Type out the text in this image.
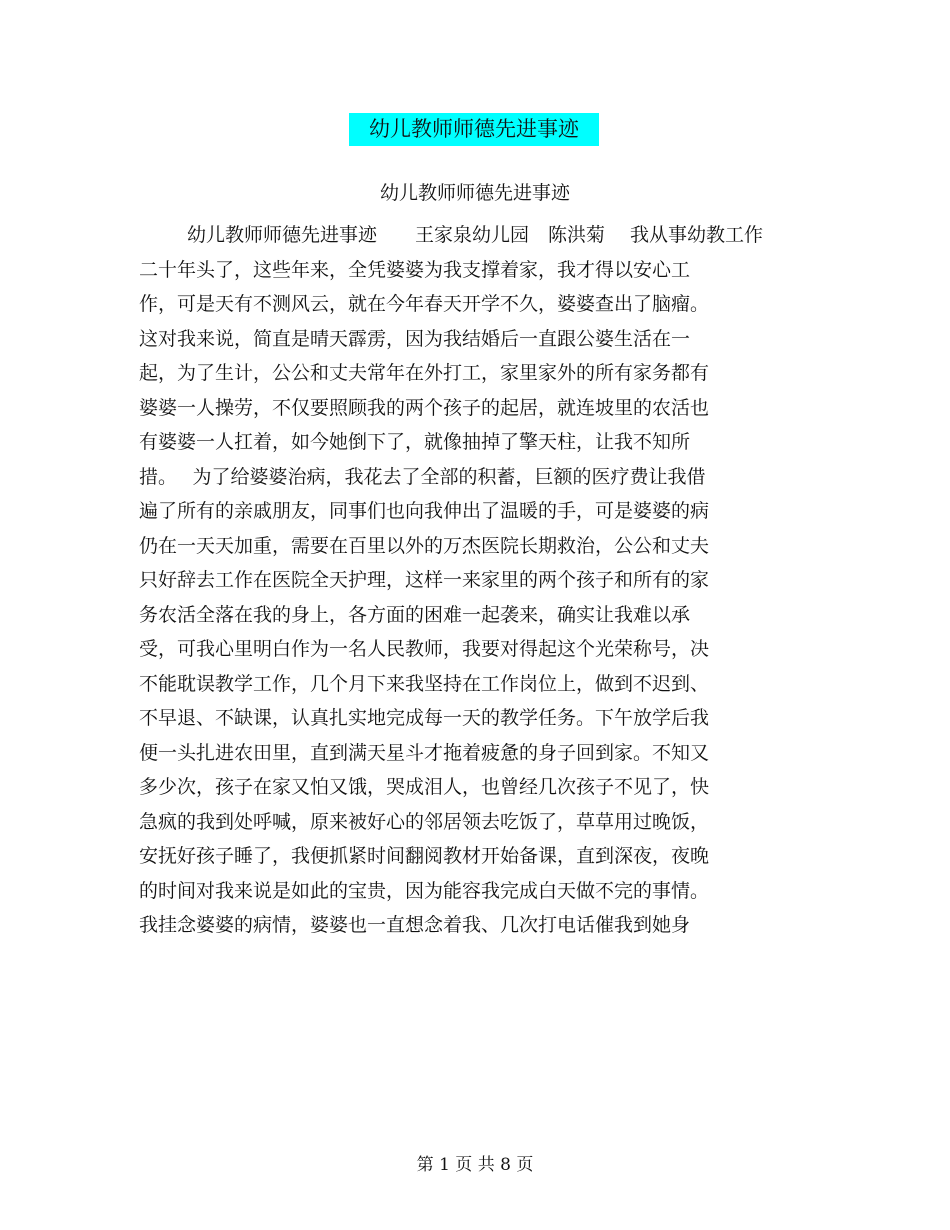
幼儿教师师德先进事迹
幼儿教师师德先进事迹
幼儿教师师德先进事迹　　王家泉幼儿园　陈洪菊　 我从事幼教工作
二十年头了，这些年来，全凭婆婆为我支撑着家，我才得以安心工
作，可是天有不测风云，就在今年春天开学不久，婆婆查出了脑瘤。
这对我来说，简直是晴天霹雳，因为我结婚后一直跟公婆生活在一
起，为了生计，公公和丈夫常年在外打工，家里家外的所有家务都有
婆婆一人操劳，不仅要照顾我的两个孩子的起居，就连坡里的农活也
有婆婆一人扛着，如今她倒下了，就像抽掉了擎天柱，让我不知所
措。　 为了给婆婆治病，我花去了全部的积蓄，巨额的医疗费让我借
遍了所有的亲戚朋友，同事们也向我伸出了温暖的手，可是婆婆的病
仍在一天天加重，需要在百里以外的万杰医院长期救治，公公和丈夫
只好辞去工作在医院全天护理，这样一来家里的两个孩子和所有的家
务农活全落在我的身上，各方面的困难一起袭来，确实让我难以承
受，可我心里明白作为一名人民教师，我要对得起这个光荣称号，决
不能耽误教学工作，几个月下来我坚持在工作岗位上，做到不迟到、
不早退、不缺课，认真扎实地完成每一天的教学任务。下午放学后我
便一头扎进农田里，直到满天星斗才拖着疲惫的身子回到家。不知又
多少次，孩子在家又怕又饿，哭成泪人，也曾经几次孩子不见了，快
急疯的我到处呼喊，原来被好心的邻居领去吃饭了，草草用过晚饭，
安抚好孩子睡了，我便抓紧时间翻阅教材开始备课，直到深夜，夜晚
的时间对我来说是如此的宝贵，因为能容我完成白天做不完的事情。
我挂念婆婆的病情，婆婆也一直想念着我、几次打电话催我到她身
第 1 页 共 8 页
